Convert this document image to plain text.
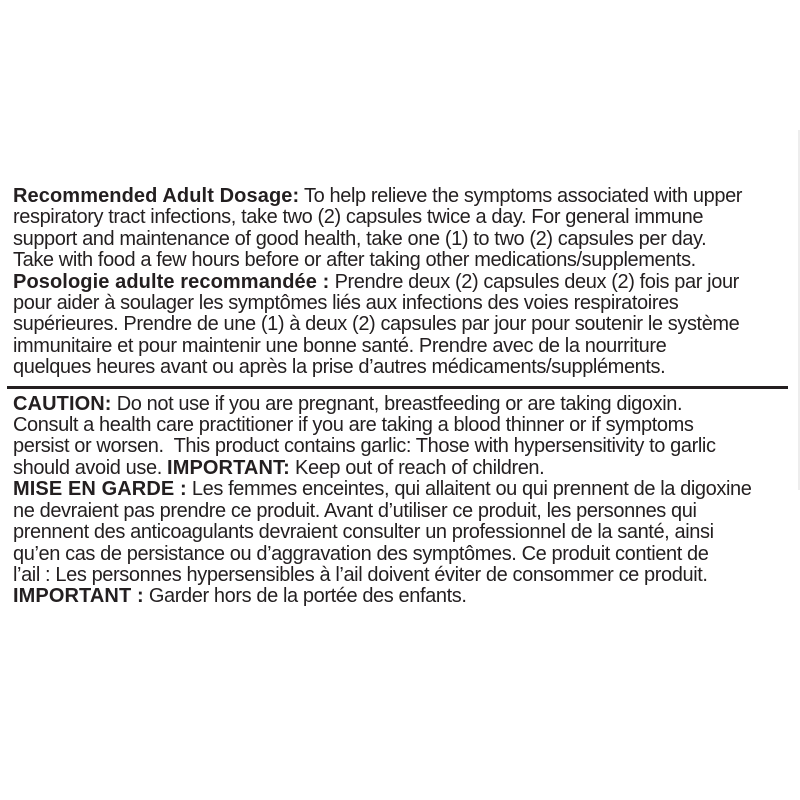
Recommended Adult Dosage: To help relieve the symptoms associated with upper
respiratory tract infections, take two (2) capsules twice a day. For general immune
support and maintenance of good health, take one (1) to two (2) capsules per day.
Take with food a few hours before or after taking other medications/supplements.
Posologie adulte recommandée : Prendre deux (2) capsules deux (2) fois par jour
pour aider à soulager les symptômes liés aux infections des voies respiratoires
supérieures. Prendre de une (1) à deux (2) capsules par jour pour soutenir le système
immunitaire et pour maintenir une bonne santé. Prendre avec de la nourriture
quelques heures avant ou après la prise d’autres médicaments/suppléments.
CAUTION: Do not use if you are pregnant, breastfeeding or are taking digoxin.
Consult a health care practitioner if you are taking a blood thinner or if symptoms
persist or worsen.  This product contains garlic: Those with hypersensitivity to garlic
should avoid use. IMPORTANT: Keep out of reach of children.
MISE EN GARDE : Les femmes enceintes, qui allaitent ou qui prennent de la digoxine
ne devraient pas prendre ce produit. Avant d’utiliser ce produit, les personnes qui
prennent des anticoagulants devraient consulter un professionnel de la santé, ainsi
qu’en cas de persistance ou d’aggravation des symptômes. Ce produit contient de
l’ail : Les personnes hypersensibles à l’ail doivent éviter de consommer ce produit.
IMPORTANT : Garder hors de la portée des enfants.
